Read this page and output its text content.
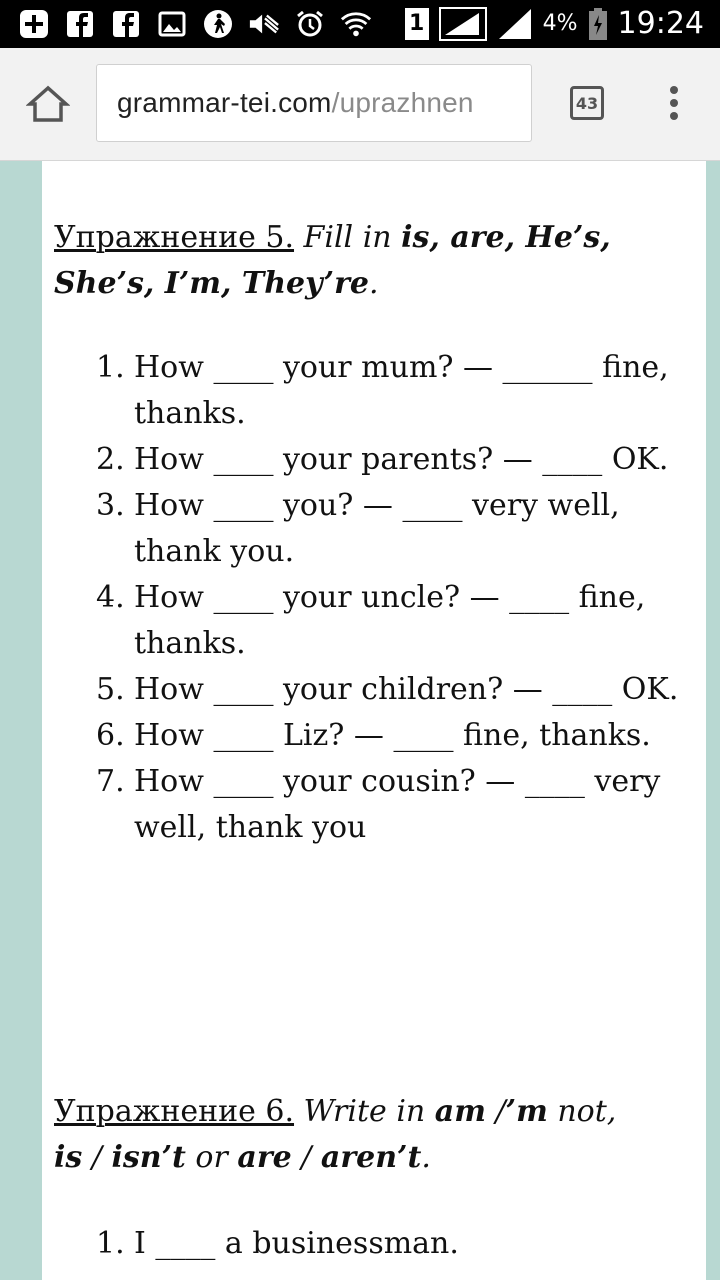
1	4% 19:24
grammar-tei.com/uprazhnen	43
Упражнение 5. Fill in is, are, He’s, She’s, I’m, They’re.
1. How ____ your mum? — ______ fine, thanks.
2. How ____ your parents? — ____ OK.
3. How ____ you? — ____ very well, thank you.
4. How ____ your uncle? — ____ fine, thanks.
5. How ____ your children? — ____ OK.
6. How ____ Liz? — ____ fine, thanks.
7. How ____ your cousin? — ____ very well, thank you
Упражнение 6. Write in am /’m not, is / isn’t or are / aren’t.
1. I ____ a businessman.
